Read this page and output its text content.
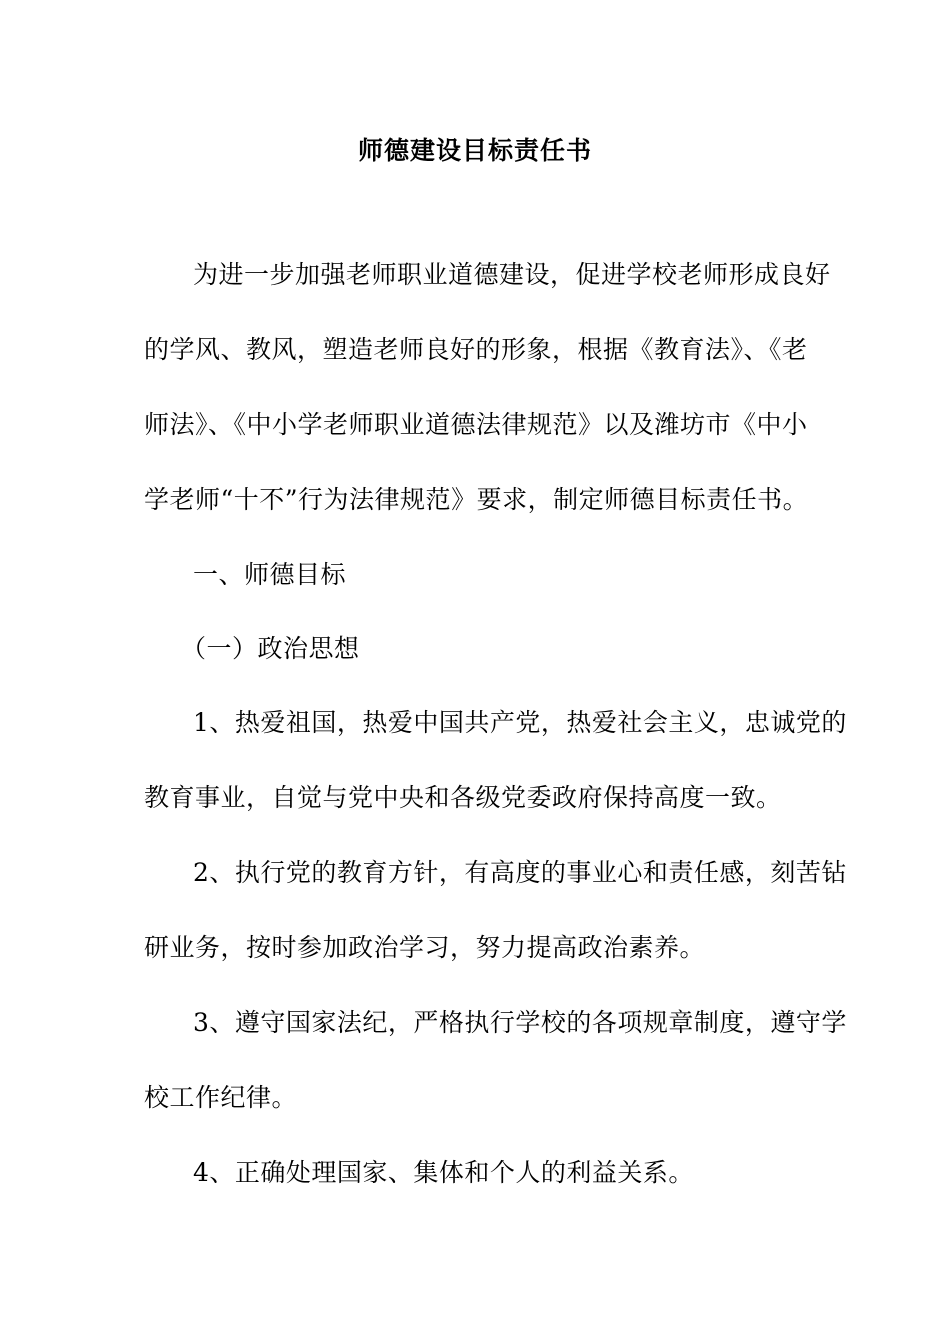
师德建设目标责任书
为进一步加强老师职业道德建设，促进学校老师形成良好
的学风、教风，塑造老师良好的形象，根据《教育法》、《老
师法》、《中小学老师职业道德法律规范》以及潍坊市《中小
学老师“十不”行为法律规范》要求，制定师德目标责任书。
一、师德目标
（一）政治思想
1、热爱祖国，热爱中国共产党，热爱社会主义，忠诚党的
教育事业，自觉与党中央和各级党委政府保持高度一致。
2、执行党的教育方针，有高度的事业心和责任感，刻苦钻
研业务，按时参加政治学习，努力提高政治素养。
3、遵守国家法纪，严格执行学校的各项规章制度，遵守学
校工作纪律。
4、正确处理国家、集体和个人的利益关系。
